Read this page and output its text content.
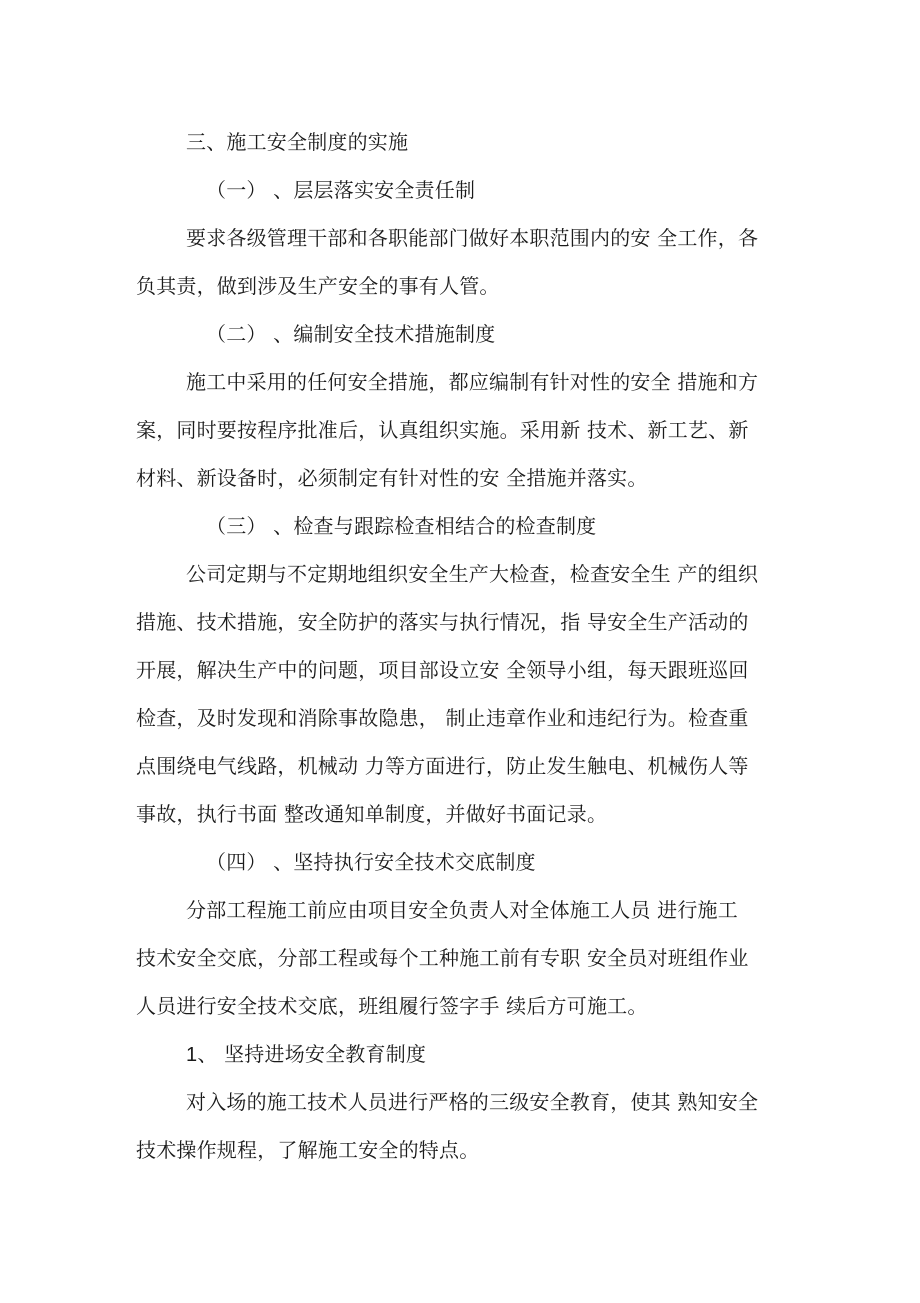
三、施工安全制度的实施
（一） 、层层落实安全责任制
要求各级管理干部和各职能部门做好本职范围内的安 全工作，各
负其责，做到涉及生产安全的事有人管。
（二） 、编制安全技术措施制度
施工中采用的任何安全措施，都应编制有针对性的安全 措施和方
案，同时要按程序批准后，认真组织实施。采用新 技术、新工艺、新
材料、新设备时，必须制定有针对性的安 全措施并落实。
（三） 、检查与跟踪检查相结合的检查制度
公司定期与不定期地组织安全生产大检查，检查安全生 产的组织
措施、技术措施，安全防护的落实与执行情况，指 导安全生产活动的
开展，解决生产中的问题，项目部设立安 全领导小组，每天跟班巡回
检查，及时发现和消除事故隐患， 制止违章作业和违纪行为。检查重
点围绕电气线路，机械动 力等方面进行，防止发生触电、机械伤人等
事故，执行书面 整改通知单制度，并做好书面记录。
（四） 、坚持执行安全技术交底制度
分部工程施工前应由项目安全负责人对全体施工人员 进行施工
技术安全交底，分部工程或每个工种施工前有专职 安全员对班组作业
人员进行安全技术交底，班组履行签字手 续后方可施工。
1、 坚持进场安全教育制度
对入场的施工技术人员进行严格的三级安全教育，使其 熟知安全
技术操作规程，了解施工安全的特点。
